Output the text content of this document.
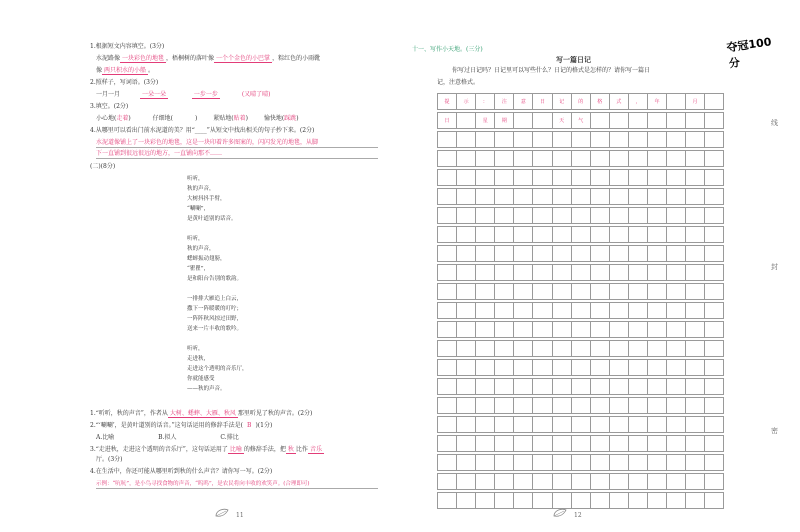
1.根据短文内容填空。(3分)
水泥路像 一块彩色的地毯 ，梧桐树的落叶像 一个个金色的小巴掌 ，粽红色的小雨靴
像 两只积水的小船 。
2.照样子，写词语。(3分)
一月一月	一朵一朵	一步一步	(又晴了晴)
3.填空。(2分)
小心地(走着)	仔细地(	)	紧贴地(贴着)	愉快地(踩跳)
4.从哪里可以看出门前水泥道的美？用“____”从短文中找出相关的句子抄下来。(2分)
水泥道像铺上了一块彩色的地毯，这是一块印着许多图案的，闪闪发光的地毯，从脚
下一直铺到很远很远的地方，一直铺向那不……
(二)(8分)
听听，
秋的声音，
大树抖抖手臂，
“唰唰”，
是黄叶道别的话音。
听听，
秋的声音，
蟋蟀振动翅膀，
“瞿瞿”，
是和阳台告别的歌韵。
一排排大雁追上白云，
撒下一阵暖暖的叮咛；
一阵阵秋风掠过田野，
送来一片丰收的歌吟。
听听，
走进秋，
走进这个透明的音乐厅，
你就能感受
——秋的声音。
1.“听听，秋的声音”，作者从 大树、蟋蟀、大雁、秋风 那里听见了秋的声音。(2分)
2.“‘唰唰’，是黄叶道别的话音。”这句话运用的修辞手法是( B )(1分)
A.比喻	B.拟人	C.排比
3.“走进秋，走进这个透明的音乐厅”，这句话运用了 比喻 的修辞手法，把 秋 比作 音乐
厅。(3分)
4.在生活中，你还可能从哪里听到秋的什么声音？请你写一写。(2分)
示例：“吭吭”，是小鸟寻找食物的声音，“呜呜”，是农民将向丰收的欢笑声。(合理即可)
11
十一、写作小天地。(三分)
写一篇日记
你写过日记吗？日记里可以写些什么？日记的格式是怎样的？请你写一篇日
记，注意格式。
提	示	：	注	意	日	记	的	格	式	，	年		月	

日		星	期			天	气							

夺冠100分
线
封
密
12
